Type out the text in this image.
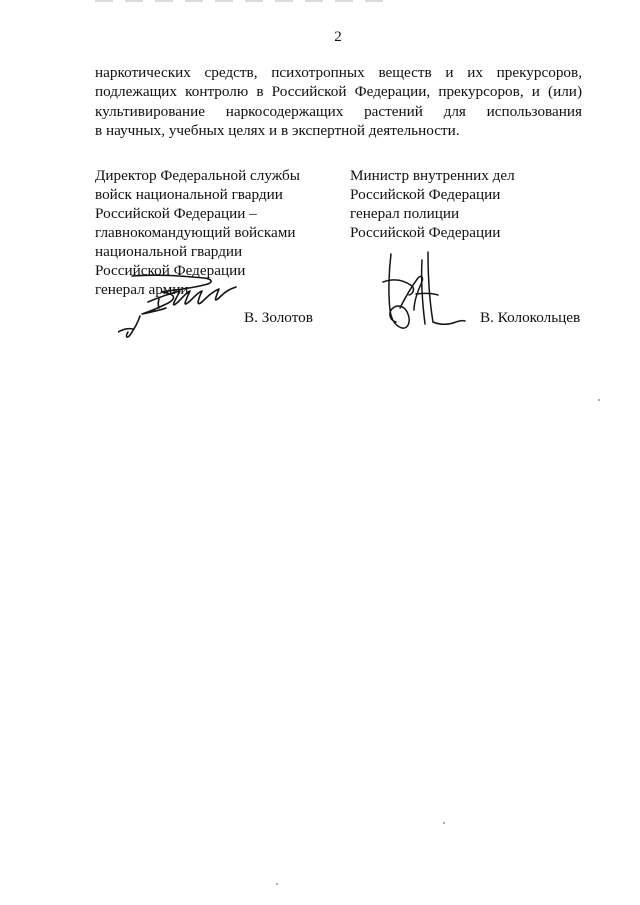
2
наркотических средств, психотропных веществ и их прекурсоров,
подлежащих контролю в Российской Федерации, прекурсоров, и (или)
культивирование наркосодержащих растений для использования
в научных, учебных целях и в экспертной деятельности.
Директор Федеральной службы
войск национальной гвардии
Российской Федерации –
главнокомандующий войсками
национальной гвардии
Российской Федерации
генерал армии
Министр внутренних дел
Российской Федерации
генерал полиции
Российской Федерации
В. Золотов	В. Колокольцев
